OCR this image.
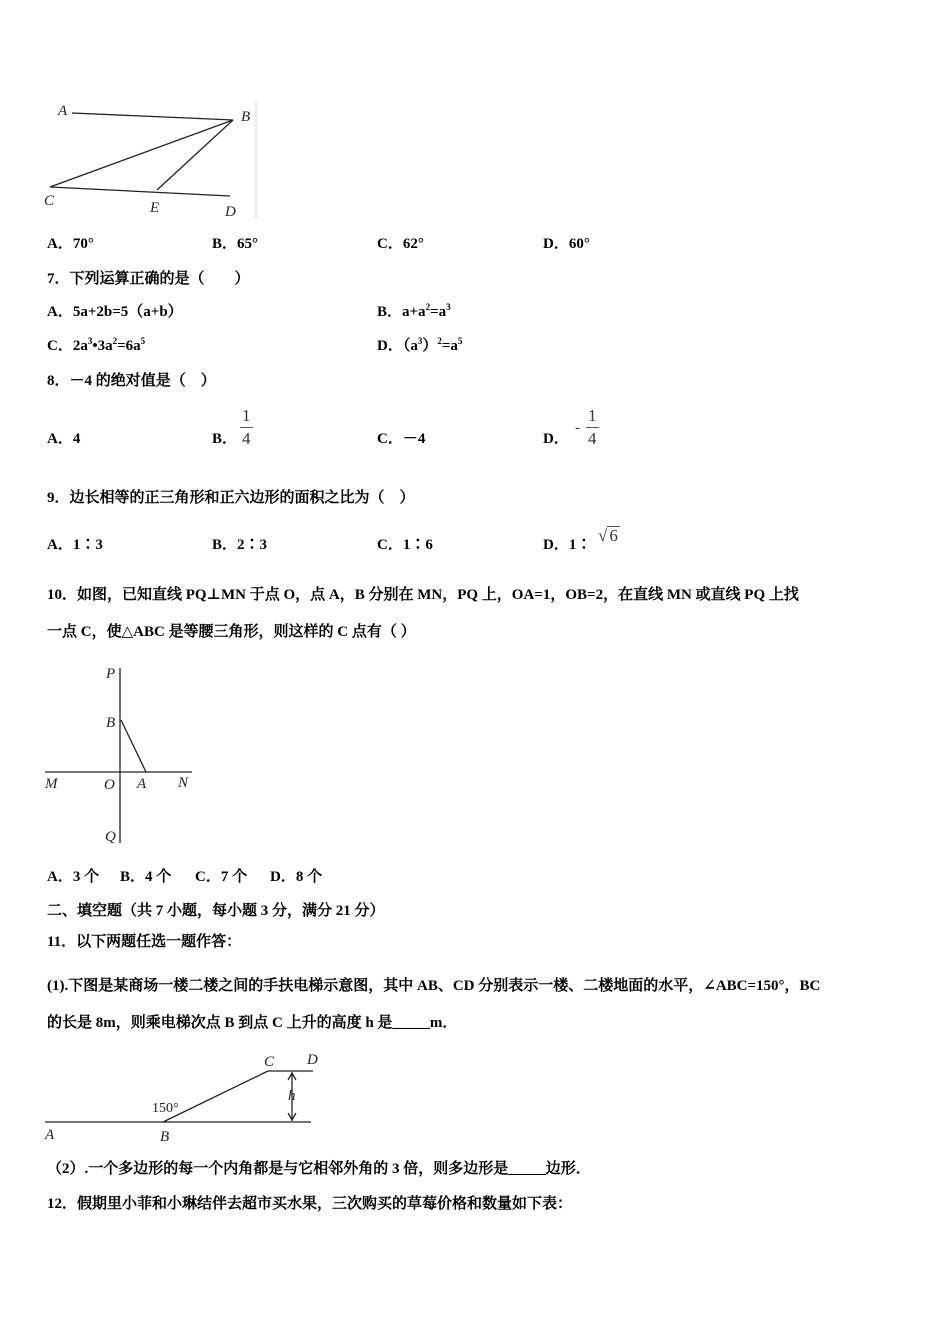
A	B
C	E	D
A．70°	B．65°	C．62°	D．60°
7．下列运算正确的是（　　）
A．5a+2b=5（a+b）	B．$a+a^2=a^3$
C．$2a^3•3a^2=6a^5$	D．$(a^3)^2=a^5$
8．－4 的绝对值是（　）
A．4	B． $\frac{1}{4}$	C．－4	D．
- $\frac{1}{4}$
9．边长相等的正三角形和正六边形的面积之比为（　）
A．1∶3	B．2∶3	C．1∶6	D．1∶ √ 6
10．如图，已知直线 PQ⊥MN 于点 O，点 A，B 分别在 MN，PQ 上，OA=1，OB=2，在直线 MN 或直线 PQ 上找
一点 C，使△ABC 是等腰三角形，则这样的 C 点有（ ）
P
B
M	O A N
Q
A．3 个 B．4 个 C．7 个 D．8 个
二、填空题（共 7 小题，每小题 3 分，满分 21 分）
11．以下两题任选一题作答：
(1).下图是某商场一楼二楼之间的手扶电梯示意图，其中 AB、CD 分别表示一楼、二楼地面的水平，∠ABC=150°，BC
的长是 8m，则乘电梯次点 B 到点 C 上升的高度 h 是_____m．
h
C D
150°
A	B
（2）.一个多边形的每一个内角都是与它相邻外角的 3 倍，则多边形是_____边形．
12．假期里小菲和小琳结伴去超市买水果，三次购买的草莓价格和数量如下表：
